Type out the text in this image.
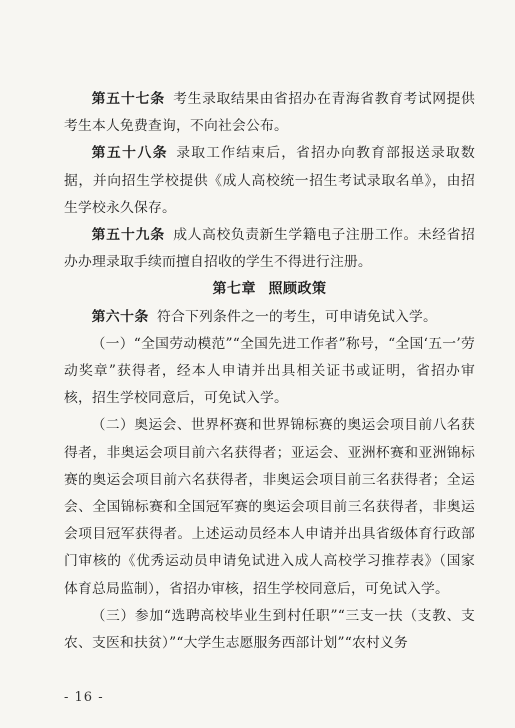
第五十七条 考生录取结果由省招办在青海省教育考试网提供考生本人免费查询，不向社会公布。

第五十八条 录取工作结束后，省招办向教育部报送录取数据，并向招生学校提供《成人高校统一招生考试录取名单》，由招生学校永久保存。

第五十九条 成人高校负责新生学籍电子注册工作。未经省招办办理录取手续而擅自招收的学生不得进行注册。

第七章 照顾政策

第六十条 符合下列条件之一的考生，可申请免试入学。

（一）“全国劳动模范”“全国先进工作者”称号，“全国‘五一’劳动奖章”获得者，经本人申请并出具相关证书或证明，省招办审核，招生学校同意后，可免试入学。

（二）奥运会、世界杯赛和世界锦标赛的奥运会项目前八名获得者，非奥运会项目前六名获得者；亚运会、亚洲杯赛和亚洲锦标赛的奥运会项目前六名获得者，非奥运会项目前三名获得者；全运会、全国锦标赛和全国冠军赛的奥运会项目前三名获得者，非奥运会项目冠军获得者。上述运动员经本人申请并出具省级体育行政部门审核的《优秀运动员申请免试进入成人高校学习推荐表》（国家体育总局监制），省招办审核，招生学校同意后，可免试入学。

（三）参加“选聘高校毕业生到村任职”“三支一扶（支教、支农、支医和扶贫）”“大学生志愿服务西部计划”“农村义务

- 16 -
